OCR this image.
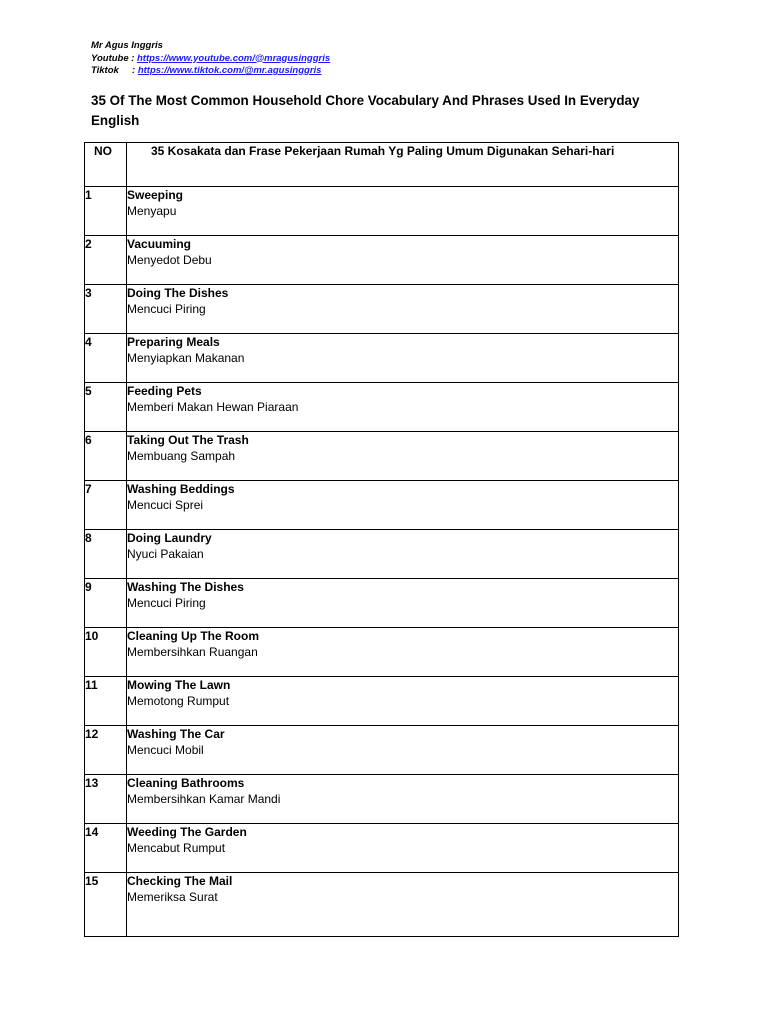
Mr Agus Inggris
Youtube : https://www.youtube.com/@mragusinggris
Tiktok : https://www.tiktok.com/@mr.agusinggris
35 Of The Most Common Household Chore Vocabulary And Phrases Used In Everyday English
NO	35 Kosakata dan Frase Pekerjaan Rumah Yg Paling Umum Digunakan Sehari-hari
1	Sweeping
Menyapu

2	Vacuuming
Menyedot Debu

3	Doing The Dishes
Mencuci Piring

4	Preparing Meals
Menyiapkan Makanan

5	Feeding Pets
Memberi Makan Hewan Piaraan

6	Taking Out The Trash
Membuang Sampah

7	Washing Beddings
Mencuci Sprei

8	Doing Laundry
Nyuci Pakaian

9	Washing The Dishes
Mencuci Piring

10	Cleaning Up The Room
Membersihkan Ruangan

11	Mowing The Lawn
Memotong Rumput

12	Washing The Car
Mencuci Mobil

13	Cleaning Bathrooms
Membersihkan Kamar Mandi

14	Weeding The Garden
Mencabut Rumput

15	Checking The Mail
Memeriksa Surat
